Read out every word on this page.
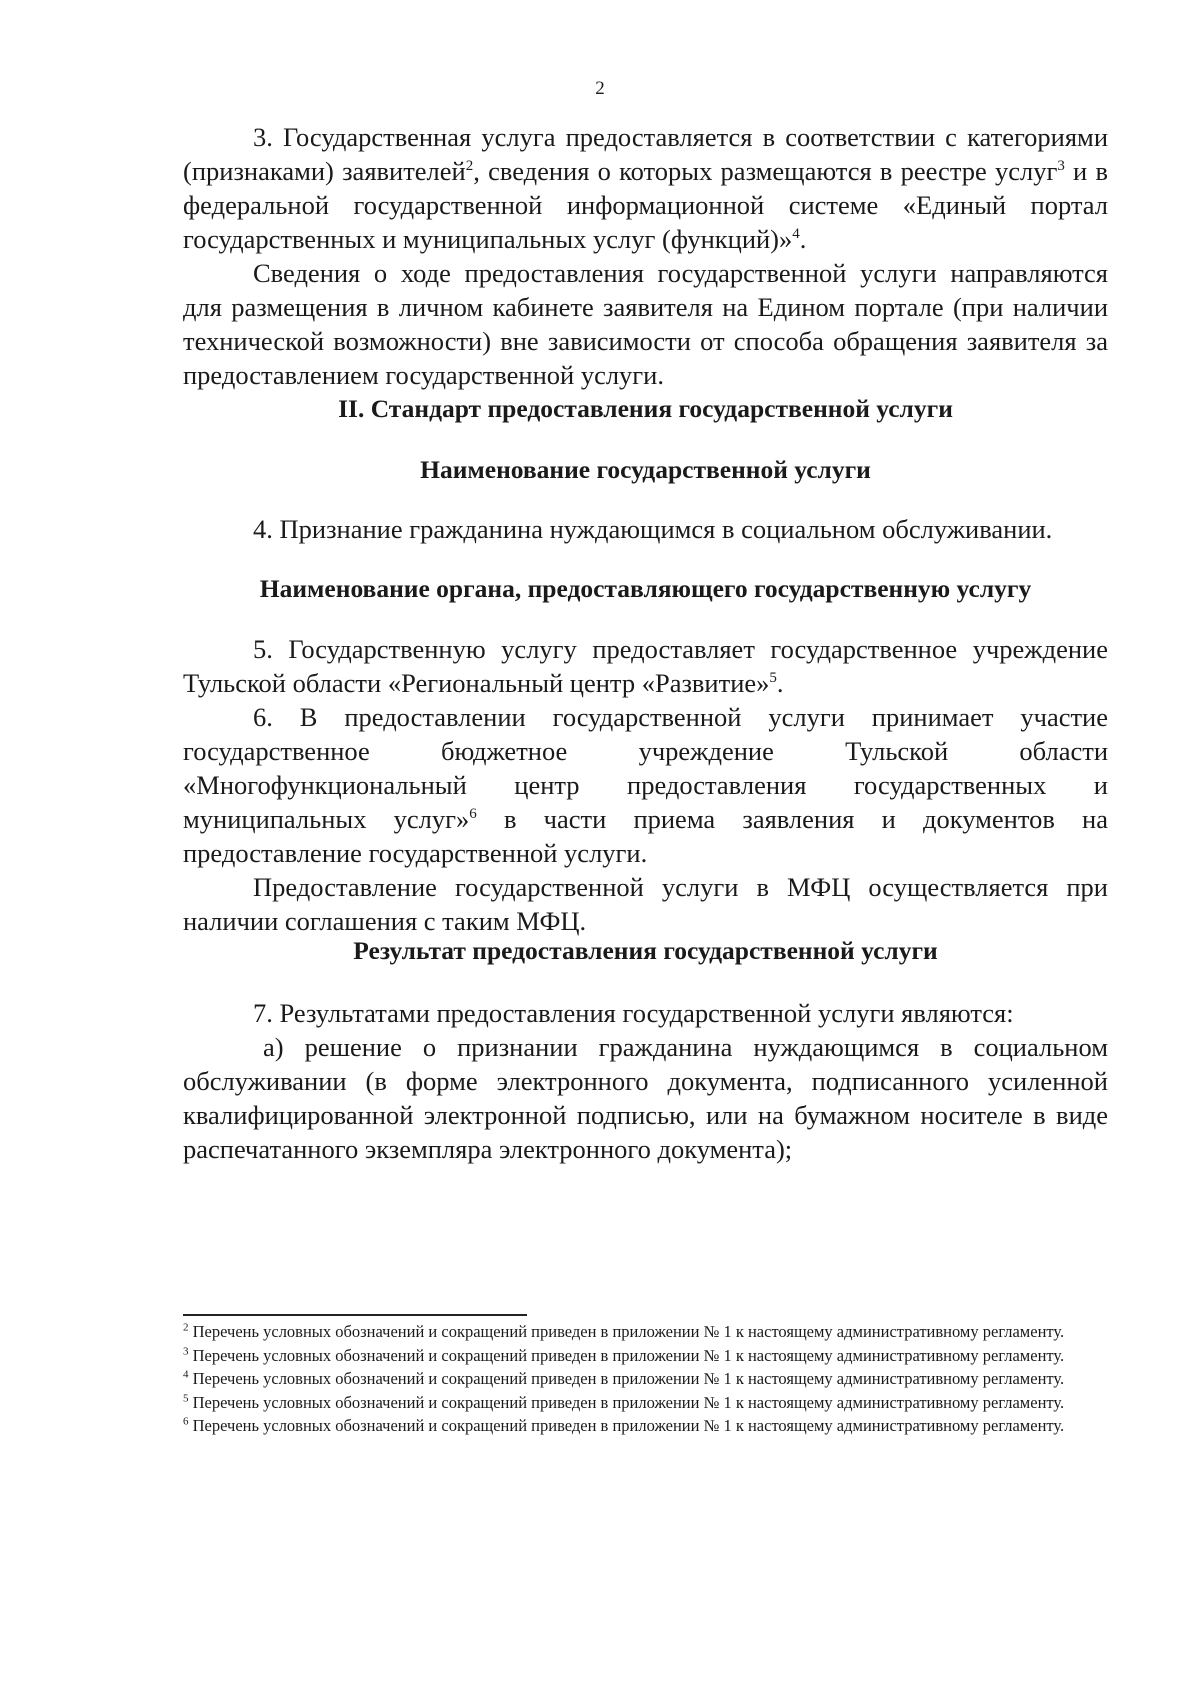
2

3. Государственная услуга предоставляется в соответствии с категориями (признаками) заявителей$^2$, сведения о которых размещаются в реестре услуг$^3$ и в федеральной государственной информационной системе «Единый портал государственных и муниципальных услуг (функций)»$^4$.

Сведения о ходе предоставления государственной услуги направляются для размещения в личном кабинете заявителя на Едином портале (при наличии технической возможности) вне зависимости от способа обращения заявителя за предоставлением государственной услуги.

II. Стандарт предоставления государственной услуги
Наименование государственной услуги

4. Признание гражданина нуждающимся в социальном обслуживании.

Наименование органа, предоставляющего государственную услугу

5. Государственную услугу предоставляет государственное учреждение Тульской области «Региональный центр «Развитие»$^5$.

6. В предоставлении государственной услуги принимает участие государственное бюджетное учреждение Тульской области «Многофункциональный центр предоставления государственных и муниципальных услуг»$^6$ в части приема заявления и документов на предоставление государственной услуги.

Предоставление государственной услуги в МФЦ осуществляется при наличии соглашения с таким МФЦ.

Результат предоставления государственной услуги

7. Результатами предоставления государственной услуги являются:

а) решение о признании гражданина нуждающимся в социальном обслуживании (в форме электронного документа, подписанного усиленной квалифицированной электронной подписью, или на бумажном носителе в виде распечатанного экземпляра электронного документа);

$^2$ Перечень условных обозначений и сокращений приведен в приложении № 1 к настоящему административному регламенту.

$^3$ Перечень условных обозначений и сокращений приведен в приложении № 1 к настоящему административному регламенту.

$^4$ Перечень условных обозначений и сокращений приведен в приложении № 1 к настоящему административному регламенту.

$^5$ Перечень условных обозначений и сокращений приведен в приложении № 1 к настоящему административному регламенту.

$^6$ Перечень условных обозначений и сокращений приведен в приложении № 1 к настоящему административному регламенту.
